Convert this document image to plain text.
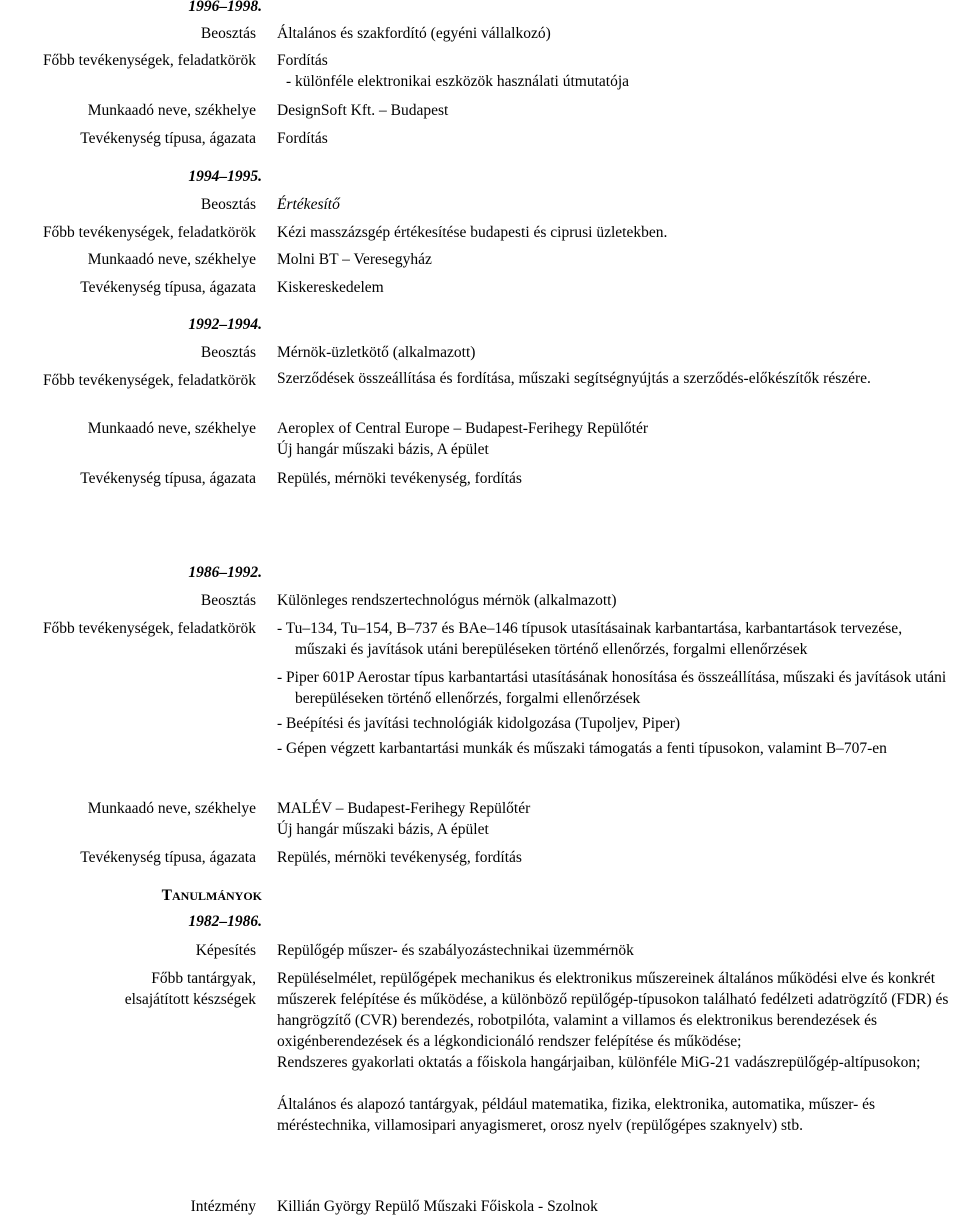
1996–1998.
Beosztás Általános és szakfordító (egyéni vállalkozó)
Főbb tevékenységek, feladatkörök Fordítás
- különféle elektronikai eszközök használati útmutatója
Munkaadó neve, székhelye DesignSoft Kft. – Budapest
Tevékenység típusa, ágazata Fordítás
1994–1995.
Beosztás Értékesítő
Főbb tevékenységek, feladatkörök Kézi masszázsgép értékesítése budapesti és ciprusi üzletekben.
Munkaadó neve, székhelye Molni BT – Veresegyház
Tevékenység típusa, ágazata Kiskereskedelem
1992–1994.
Beosztás Mérnök-üzletkötő (alkalmazott)
Főbb tevékenységek, feladatkörök Szerződések összeállítása és fordítása, műszaki segítségnyújtás a szerződés-előkészítők részére.
Munkaadó neve, székhelye Aeroplex of Central Europe – Budapest-Ferihegy Repülőtér
Új hangár műszaki bázis, A épület
Tevékenység típusa, ágazata Repülés, mérnöki tevékenység, fordítás
1986–1992.
Beosztás Különleges rendszertechnológus mérnök (alkalmazott)
Főbb tevékenységek, feladatkörök - Tu–134, Tu–154, B–737 és BAe–146 típusok utasításainak karbantartása, karbantartások tervezése, műszaki és javítások utáni berepüléseken történő ellenőrzés, forgalmi ellenőrzések
- Piper 601P Aerostar típus karbantartási utasításának honosítása és összeállítása, műszaki és javítások utáni berepüléseken történő ellenőrzés, forgalmi ellenőrzések
- Beépítési és javítási technológiák kidolgozása (Tupoljev, Piper)
- Gépen végzett karbantartási munkák és műszaki támogatás a fenti típusokon, valamint B–707-en
Munkaadó neve, székhelye MALÉV – Budapest-Ferihegy Repülőtér
Új hangár műszaki bázis, A épület
Tevékenység típusa, ágazata Repülés, mérnöki tevékenység, fordítás
TANULMÁNYOK
1982–1986.
Képesítés Repülőgép műszer- és szabályozástechnikai üzemmérnök
Főbb tantárgyak,
elsajátított készségek
Repüléselmélet, repülőgépek mechanikus és elektronikus műszereinek általános működési elve és konkrét műszerek felépítése és működése, a különböző repülőgép-típusokon található fedélzeti adatrögzítő (FDR) és hangrögzítő (CVR) berendezés, robotpilóta, valamint a villamos és elektronikus berendezések és oxigénberendezések és a légkondicionáló rendszer felépítése és működése;
Rendszeres gyakorlati oktatás a főiskola hangárjaiban, különféle MiG-21 vadászrepülőgép-altípusokon;
Általános és alapozó tantárgyak, például matematika, fizika, elektronika, automatika, műszer- és méréstechnika, villamosipari anyagismeret, orosz nyelv (repülőgépes szaknyelv) stb.
Intézmény Killián György Repülő Műszaki Főiskola - Szolnok
